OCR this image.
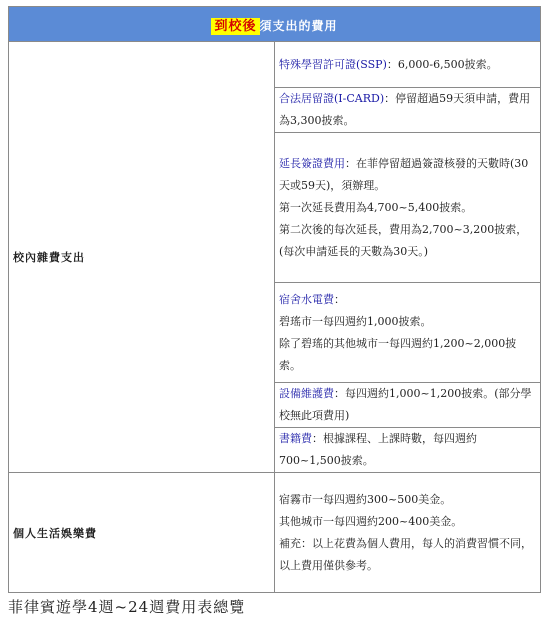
到校後 須支出的費用	
校內雜費支出	特殊學習許可證(SSP)：6,000-6,500披索。
	合法居留證(I-CARD)：停留超過59天須申請，費用為3,300披索。
	延長簽證費用：在菲停留超過簽證核發的天數時(30天或59天)，須辦理。
第一次延長費用為4,700~5,400披索。
第二次後的每次延長，費用為2,700~3,200披索，
(每次申請延長的天數為30天。)

	宿舍水電費：
碧瑤市一每四週約1,000披索。
除了碧瑤的其他城市一每四週約1,200~2,000披索。

	設備維護費：每四週約1,000~1,200披索。(部分學校無此項費用)
	書籍費：根據課程、上課時數，每四週約700~1,500披索。
個人生活娛樂費	宿霧市一每四週約300~500美金。
其他城市一每四週約200~400美金。
補充：以上花費為個人費用，每人的消費習慣不同，以上費用僅供參考。
菲律賓遊學4週~24週費用表總覽
